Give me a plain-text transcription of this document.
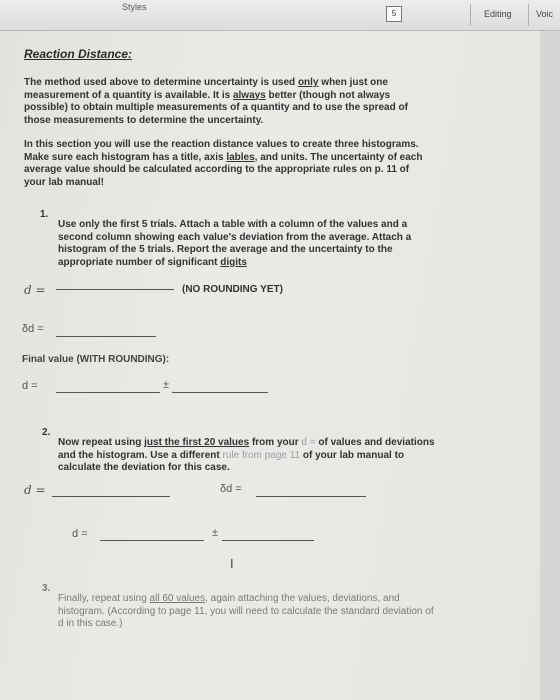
Styles
5	Editing	Voic

Reaction Distance:

The method used above to determine uncertainty is used only when just one measurement of a quantity is available. It is always better (though not always possible) to obtain multiple measurements of a quantity and to use the spread of those measurements to determine the uncertainty.

In this section you will use the reaction distance values to create three histograms. Make sure each histogram has a title, axis lables, and units. The uncertainty of each average value should be calculated according to the appropriate rules on p. 11 of your lab manual!

1.

Use only the first 5 trials. Attach a table with a column of the values and a second column showing each value's deviation from the average. Attach a histogram of the 5 trials. Report the average and the uncertainty to the appropriate number of significant digits

d =	(NO ROUNDING YET)
δd =
Final value (WITH ROUNDING):
d =	±
2.

Now repeat using just the first 20 values from your d = of values and deviations and the histogram. Use a different rule from page 11 of your lab manual to calculate the deviation for this case.

d =	δd =
d =	±
I
3.

Finally, repeat using all 60 values, again attaching the values, deviations, and histogram. (According to page 11, you will need to calculate the standard deviation of d in this case.)
